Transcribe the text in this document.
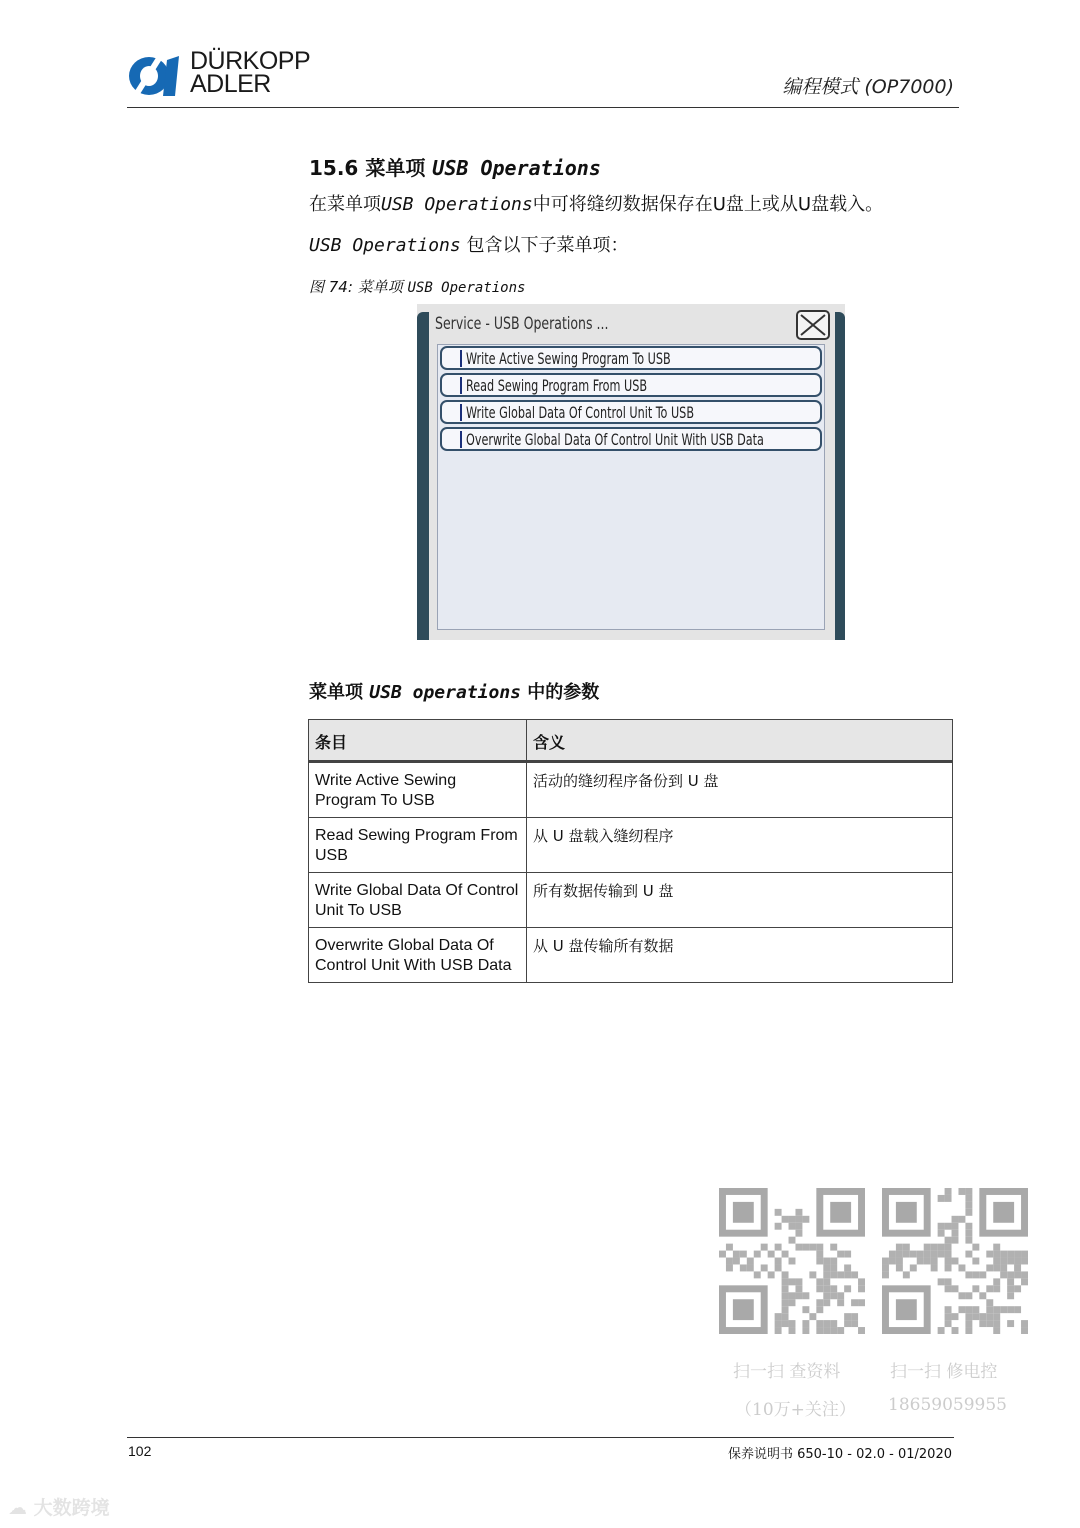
DÜRKOPP
ADLER	编程模式 (OP7000)
15.6 菜单项 USB Operations
在菜单项USB Operations中可将缝纫数据保存在U盘上或从U盘载入。
USB Operations 包含以下子菜单项：
图 74: 菜单项 USB Operations
Service - USB Operations ...
Write Active Sewing Program To USB
Read Sewing Program From USB
Write Global Data Of Control Unit To USB
Overwrite Global Data Of Control Unit With USB Data
菜单项 USB operations 中的参数
条目	含义
Write Active Sewing Program To USB	活动的缝纫程序备份到 U 盘
Read Sewing Program From USB	从 U 盘载入缝纫程序
Write Global Data Of Control Unit To USB	所有数据传输到 U 盘
Overwrite Global Data Of Control Unit With USB Data	从 U 盘传输所有数据
扫一扫 查资料
（10万+关注）
扫一扫 修电控
18659059955
102	保养说明书 650-10 - 02.0 - 01/2020
☁ 大数跨境
